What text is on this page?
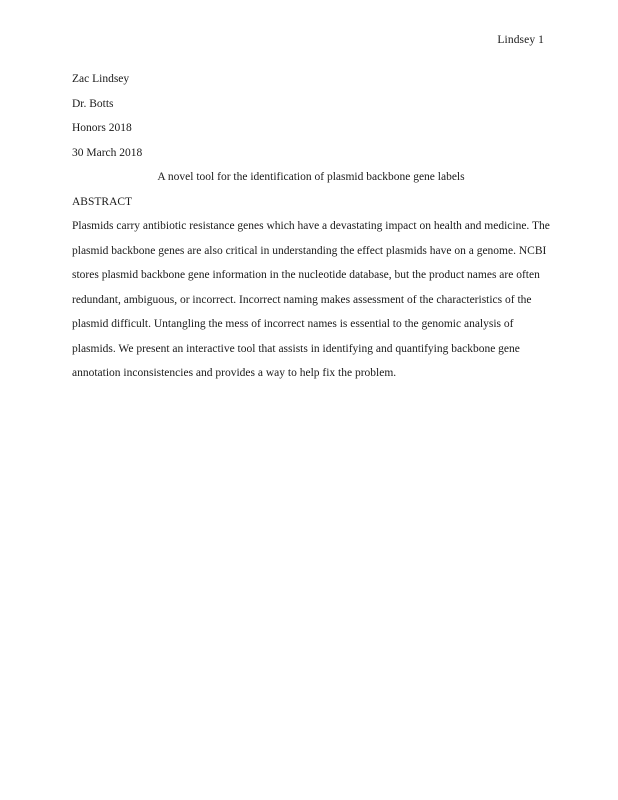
Lindsey 1
Zac Lindsey
Dr. Botts
Honors 2018
30 March 2018
A novel tool for the identification of plasmid backbone gene labels
ABSTRACT
Plasmids carry antibiotic resistance genes which have a devastating impact on health and medicine. The plasmid backbone genes are also critical in understanding the effect plasmids have on a genome. NCBI stores plasmid backbone gene information in the nucleotide database, but the product names are often redundant, ambiguous, or incorrect. Incorrect naming makes assessment of the characteristics of the plasmid difficult. Untangling the mess of incorrect names is essential to the genomic analysis of plasmids. We present an interactive tool that assists in identifying and quantifying backbone gene annotation inconsistencies and provides a way to help fix the problem.
